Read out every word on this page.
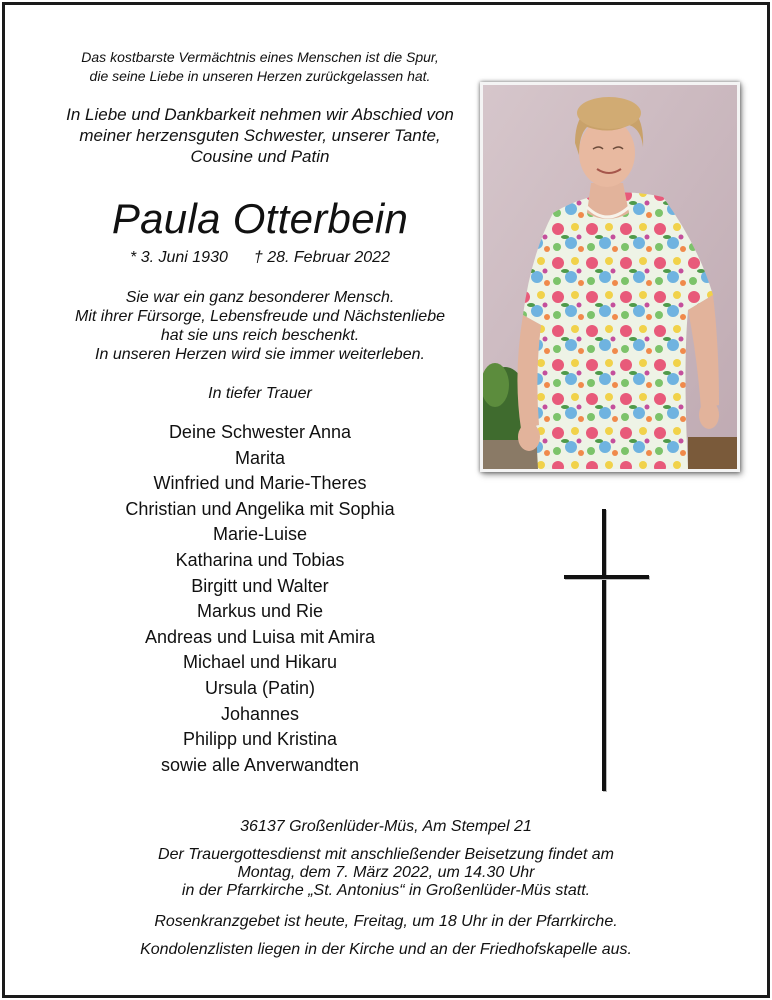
Das kostbarste Vermächtnis eines Menschen ist die Spur,
die seine Liebe in unseren Herzen zurückgelassen hat.
In Liebe und Dankbarkeit nehmen wir Abschied von
meiner herzensguten Schwester, unserer Tante,
Cousine und Patin
Paula Otterbein
* 3. Juni 1930 † 28. Februar 2022
Sie war ein ganz besonderer Mensch.
Mit ihrer Fürsorge, Lebensfreude und Nächstenliebe
hat sie uns reich beschenkt.
In unseren Herzen wird sie immer weiterleben.
In tiefer Trauer
Deine Schwester Anna
Marita
Winfried und Marie-Theres
Christian und Angelika mit Sophia
Marie-Luise
Katharina und Tobias
Birgitt und Walter
Markus und Rie
Andreas und Luisa mit Amira
Michael und Hikaru
Ursula (Patin)
Johannes
Philipp und Kristina
sowie alle Anverwandten
36137 Großenlüder-Müs, Am Stempel 21
Der Trauergottesdienst mit anschließender Beisetzung findet am
Montag, dem 7. März 2022, um 14.30 Uhr
in der Pfarrkirche „St. Antonius“ in Großenlüder-Müs statt.
Rosenkranzgebet ist heute, Freitag, um 18 Uhr in der Pfarrkirche.
Kondolenzlisten liegen in der Kirche und an der Friedhofskapelle aus.
